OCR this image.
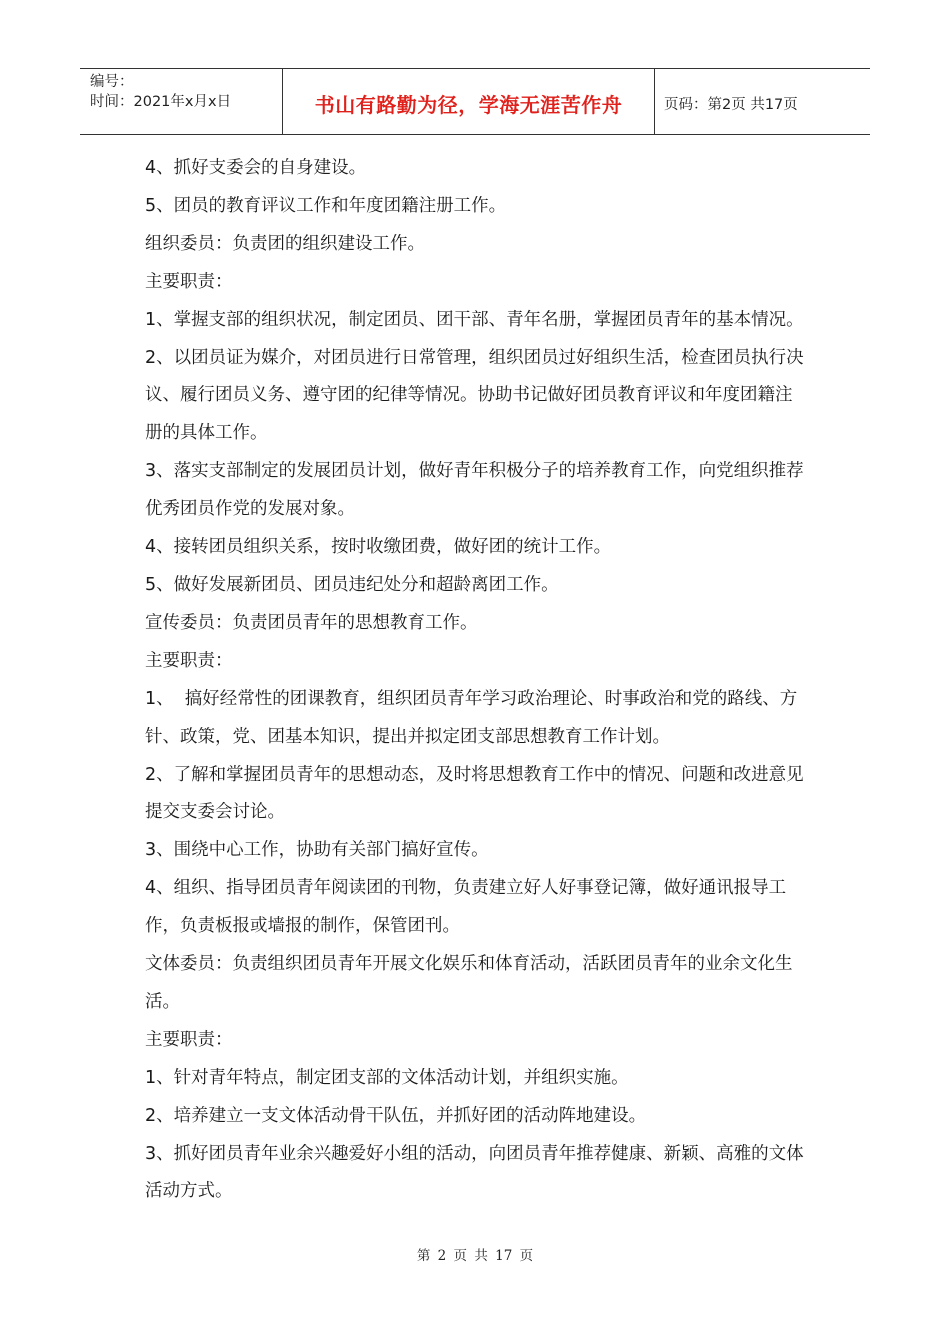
编号：
时间：2021年x月x日	书山有路勤为径，学海无涯苦作舟	页码：第2页 共17页

4、抓好支委会的自身建设。

5、团员的教育评议工作和年度团籍注册工作。

组织委员：负责团的组织建设工作。

主要职责：

1、掌握支部的组织状况，制定团员、团干部、青年名册，掌握团员青年的基本情况。

2、以团员证为媒介，对团员进行日常管理，组织团员过好组织生活，检查团员执行决议、履行团员义务、遵守团的纪律等情况。协助书记做好团员教育评议和年度团籍注册的具体工作。

3、落实支部制定的发展团员计划，做好青年积极分子的培养教育工作，向党组织推荐优秀团员作党的发展对象。

4、接转团员组织关系，按时收缴团费，做好团的统计工作。

5、做好发展新团员、团员违纪处分和超龄离团工作。

宣传委员：负责团员青年的思想教育工作。

主要职责：

1、  搞好经常性的团课教育，组织团员青年学习政治理论、时事政治和党的路线、方针、政策，党、团基本知识，提出并拟定团支部思想教育工作计划。

2、了解和掌握团员青年的思想动态，及时将思想教育工作中的情况、问题和改进意见提交支委会讨论。

3、围绕中心工作，协助有关部门搞好宣传。

4、组织、指导团员青年阅读团的刊物，负责建立好人好事登记簿，做好通讯报导工作，负责板报或墙报的制作，保管团刊。

文体委员：负责组织团员青年开展文化娱乐和体育活动，活跃团员青年的业余文化生活。

主要职责：

1、针对青年特点，制定团支部的文体活动计划，并组织实施。

2、培养建立一支文体活动骨干队伍，并抓好团的活动阵地建设。

3、抓好团员青年业余兴趣爱好小组的活动，向团员青年推荐健康、新颖、高雅的文体活动方式。

第 2 页 共 17 页
